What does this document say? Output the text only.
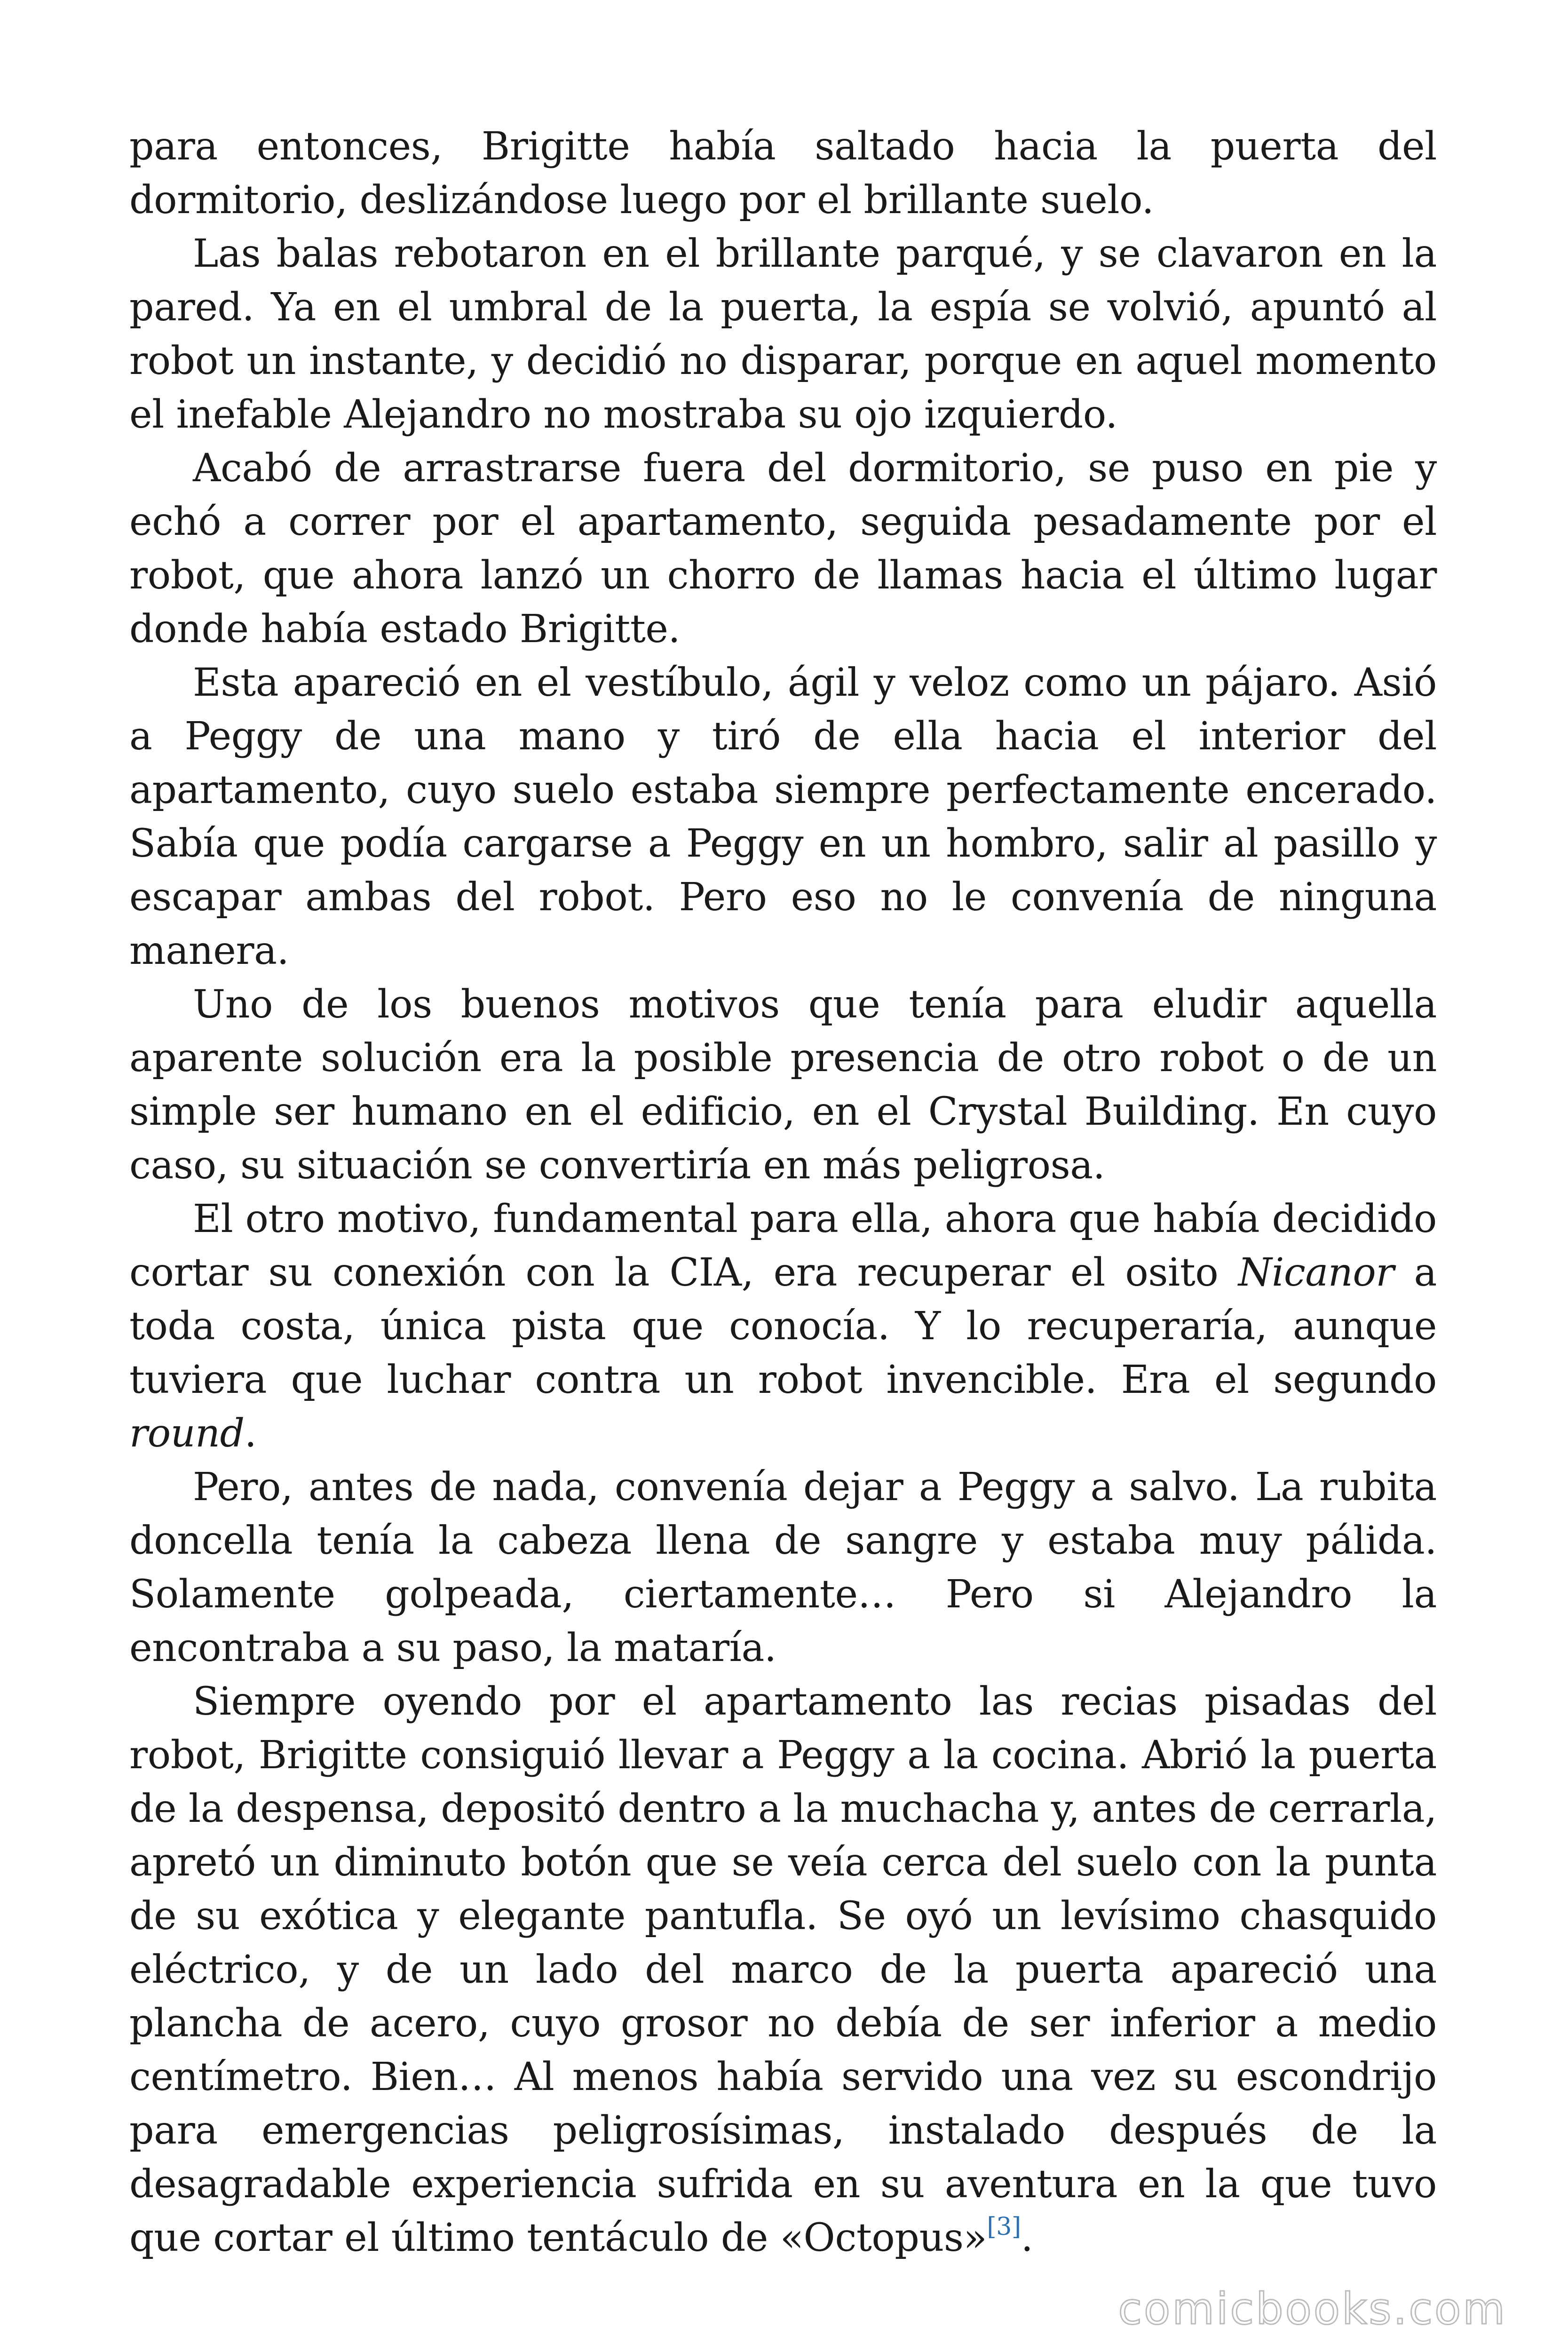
para entonces, Brigitte había saltado hacia la puerta del dormitorio, deslizándose luego por el brillante suelo.

Las balas rebotaron en el brillante parqué, y se clavaron en la pared. Ya en el umbral de la puerta, la espía se volvió, apuntó al robot un instante, y decidió no disparar, porque en aquel momento el inefable Alejandro no mostraba su ojo izquierdo.

Acabó de arrastrarse fuera del dormitorio, se puso en pie y echó a correr por el apartamento, seguida pesadamente por el robot, que ahora lanzó un chorro de llamas hacia el último lugar donde había estado Brigitte.

Esta apareció en el vestíbulo, ágil y veloz como un pájaro. Asió a Peggy de una mano y tiró de ella hacia el interior del apartamento, cuyo suelo estaba siempre perfectamente encerado. Sabía que podía cargarse a Peggy en un hombro, salir al pasillo y escapar ambas del robot. Pero eso no le convenía de ninguna manera.

Uno de los buenos motivos que tenía para eludir aquella aparente solución era la posible presencia de otro robot o de un simple ser humano en el edificio, en el Crystal Building. En cuyo caso, su situación se convertiría en más peligrosa.

El otro motivo, fundamental para ella, ahora que había decidido cortar su conexión con la CIA, era recuperar el osito Nicanor a toda costa, única pista que conocía. Y lo recuperaría, aunque tuviera que luchar contra un robot invencible. Era el segundo round.

Pero, antes de nada, convenía dejar a Peggy a salvo. La rubita doncella tenía la cabeza llena de sangre y estaba muy pálida. Solamente golpeada, ciertamente… Pero si Alejandro la encontraba a su paso, la mataría.

Siempre oyendo por el apartamento las recias pisadas del robot, Brigitte consiguió llevar a Peggy a la cocina. Abrió la puerta de la despensa, depositó dentro a la muchacha y, antes de cerrarla, apretó un diminuto botón que se veía cerca del suelo con la punta de su exótica y elegante pantufla. Se oyó un levísimo chasquido eléctrico, y de un lado del marco de la puerta apareció una plancha de acero, cuyo grosor no debía de ser inferior a medio centímetro. Bien… Al menos había servido una vez su escondrijo para emergencias peligrosísimas, instalado después de la desagradable experiencia sufrida en su aventura en la que tuvo que cortar el último tentáculo de «Octopus»[3].

comicbooks.com
